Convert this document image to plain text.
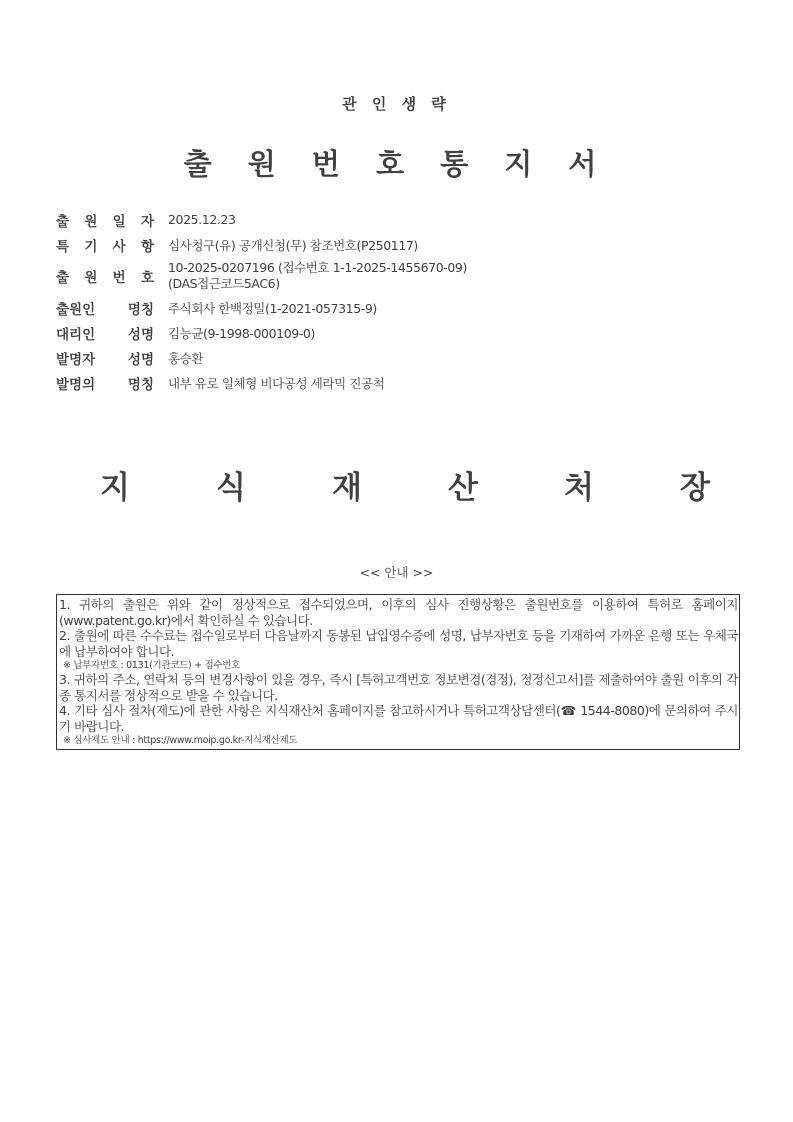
관 인 생 략
출 원 번 호 통 지 서
출 원 일 자	2025.12.23

특 기 사 항	심사청구(유) 공개신청(무) 참조번호(P250117)

출 원 번 호	10-2025-0207196 (접수번호 1-1-2025-1455670-09)
(DAS접근코드5AC6)

출원인 명칭	주식회사 한백정밀(1-2021-057315-9)

대리인 성명	김능균(9-1998-000109-0)

발명자 성명	홍승환

발명의 명칭	내부 유로 일체형 비다공성 세라믹 진공척
지	식	재	산	처	장
<< 안내 >>

1. 귀하의 출원은 위와 같이 정상적으로 접수되었으며, 이후의 심사 진행상황은 출원번호를 이용하여 특허로 홈페이지(www.patent.go.kr)에서 확인하실 수 있습니다.

2. 출원에 따른 수수료는 접수일로부터 다음날까지 동봉된 납입영수증에 성명, 납부자번호 등을 기재하여 가까운 은행 또는 우체국에 납부하여야 합니다.

※ 납부자번호 : 0131(기관코드) + 접수번호

3. 귀하의 주소, 연락처 등의 변경사항이 있을 경우, 즉시 [특허고객번호 정보변경(경정), 정정신고서]를 제출하여야 출원 이후의 각종 통지서를 정상적으로 받을 수 있습니다.

4. 기타 심사 절차(제도)에 관한 사항은 지식재산처 홈페이지를 참고하시거나 특허고객상담센터(☎ 1544-8080)에 문의하여 주시기 바랍니다.

※ 심사제도 안내 : https://www.moip.go.kr-지식재산제도
